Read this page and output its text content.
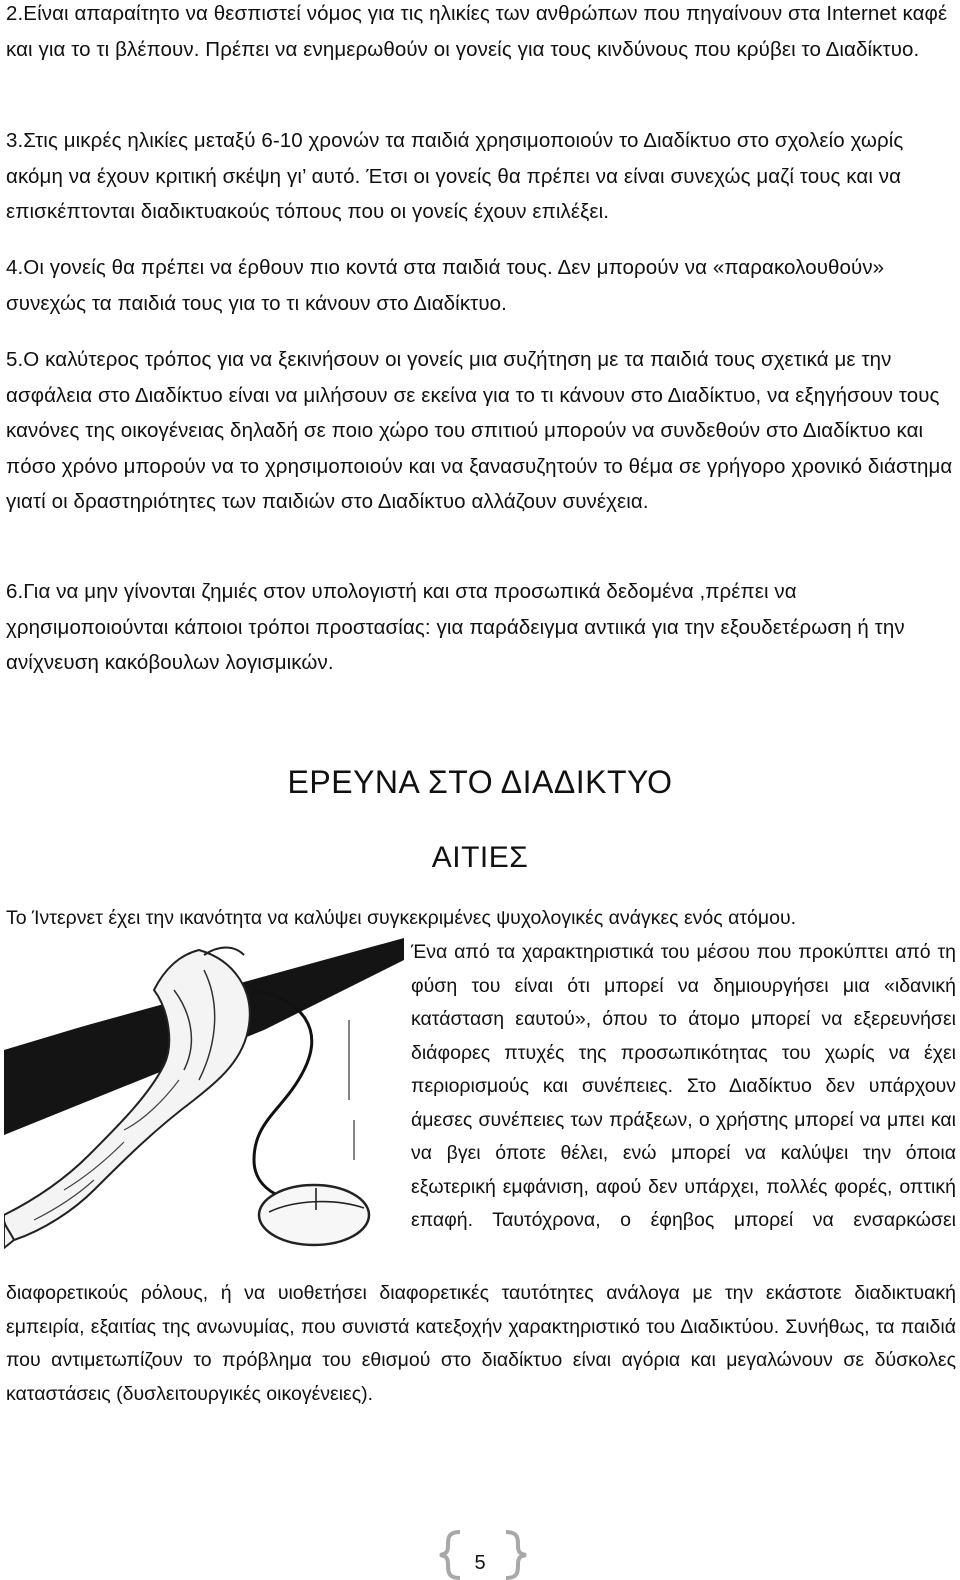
2.Είναι απαραίτητο να θεσπιστεί νόμος για τις ηλικίες των ανθρώπων που πηγαίνουν στα Internet καφέ και για το τι βλέπουν. Πρέπει να ενημερωθούν οι γονείς για τους κινδύνους που κρύβει το Διαδίκτυο.

3.Στις μικρές ηλικίες μεταξύ 6-10 χρονών τα παιδιά χρησιμοποιούν το Διαδίκτυο στο σχολείο χωρίς ακόμη να έχουν κριτική σκέψη γι’ αυτό. Έτσι οι γονείς θα πρέπει να είναι συνεχώς μαζί τους και να επισκέπτονται διαδικτυακούς τόπους που οι γονείς έχουν επιλέξει.

4.Οι γονείς θα πρέπει να έρθουν πιο κοντά στα παιδιά τους. Δεν μπορούν να «παρακολουθούν» συνεχώς τα παιδιά τους για το τι κάνουν στο Διαδίκτυο.

5.Ο καλύτερος τρόπος για να ξεκινήσουν οι γονείς μια συζήτηση με τα παιδιά τους σχετικά με την ασφάλεια στο Διαδίκτυο είναι να μιλήσουν σε εκείνα για το τι κάνουν στο Διαδίκτυο, να εξηγήσουν τους κανόνες της οικογένειας δηλαδή σε ποιο χώρο του σπιτιού μπορούν να συνδεθούν στο Διαδίκτυο και πόσο χρόνο μπορούν να το χρησιμοποιούν και να ξανασυζητούν το θέμα σε γρήγορο χρονικό διάστημα γιατί οι δραστηριότητες των παιδιών στο Διαδίκτυο αλλάζουν συνέχεια.

6.Για να μην γίνονται ζημιές στον υπολογιστή και στα προσωπικά δεδομένα ,πρέπει να χρησιμοποιούνται κάποιοι τρόποι προστασίας: για παράδειγμα αντιικά για την εξουδετέρωση ή την ανίχνευση κακόβουλων λογισμικών.

ΕΡΕΥΝΑ ΣΤΟ ΔΙΑΔΙΚΤΥΟ
ΑΙΤΙΕΣ

Το Ίντερνετ έχει την ικανότητα να καλύψει συγκεκριμένες ψυχολογικές ανάγκες ενός ατόμου.

Ένα από τα χαρακτηριστικά του μέσου που προκύπτει από τη φύση του είναι ότι μπορεί να δημιουργήσει μια «ιδανική κατάσταση εαυτού», όπου το άτομο μπορεί να εξερευνήσει διάφορες πτυχές της προσωπικότητας του χωρίς να έχει περιορισμούς και συνέπειες. Στο Διαδίκτυο δεν υπάρχουν άμεσες συνέπειες των πράξεων, ο χρήστης μπορεί να μπει και να βγει όποτε θέλει, ενώ μπορεί να καλύψει την όποια εξωτερική εμφάνιση, αφού δεν υπάρχει, πολλές φορές, οπτική επαφή. Ταυτόχρονα, ο έφηβος μπορεί να ενσαρκώσει

διαφορετικούς ρόλους, ή να υιοθετήσει διαφορετικές ταυτότητες ανάλογα με την εκάστοτε διαδικτυακή εμπειρία, εξαιτίας της ανωνυμίας, που συνιστά κατεξοχήν χαρακτηριστικό του Διαδικτύου. Συνήθως, τα παιδιά που αντιμετωπίζουν το πρόβλημα του εθισμού στο διαδίκτυο είναι αγόρια και μεγαλώνουν σε δύσκολες καταστάσεις (δυσλειτουργικές οικογένειες).

5
